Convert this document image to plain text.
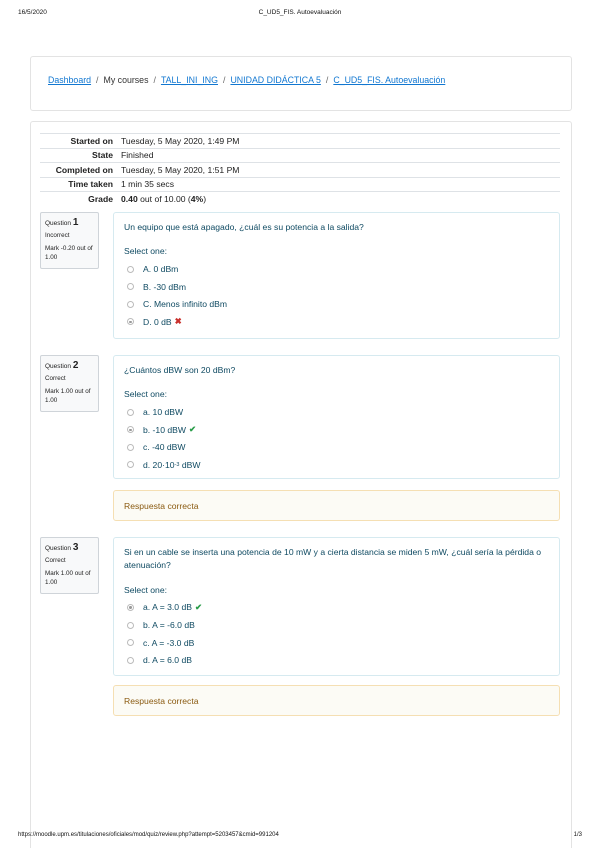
16/5/2020	C_UD5_FIS. Autoevaluación
Dashboard / My courses / TALL_INI_ING / UNIDAD DIDÁCTICA 5 / C_UD5_FIS. Autoevaluación
Started on Tuesday, 5 May 2020, 1:49 PM
State Finished
Completed on Tuesday, 5 May 2020, 1:51 PM
Time taken 1 min 35 secs
Grade 0.40 out of 10.00 (4%)
Question 1
Incorrect
Mark -0.20 out of 1.00
Un equipo que está apagado, ¿cuál es su potencia a la salida?
Select one:
A. 0 dBm
B. -30 dBm
C. Menos infinito dBm
D. 0 dB ✖
Question 2
Correct
Mark 1.00 out of 1.00
¿Cuántos dBW son 20 dBm?
Select one:
a. 10 dBW
b. -10 dBW ✔
c. -40 dBW
d. 20·10 -3 dBW
Respuesta correcta
Question 3
Correct
Mark 1.00 out of 1.00
Si en un cable se inserta una potencia de 10 mW y a cierta distancia se miden 5 mW, ¿cuál sería la pérdida o atenuación?
Select one:
a. A = 3.0 dB ✔
b. A = -6.0 dB
c. A = -3.0 dB
d. A = 6.0 dB
Respuesta correcta
https://moodle.upm.es/titulaciones/oficiales/mod/quiz/review.php?attempt=5203457&cmid=991204	1/3
